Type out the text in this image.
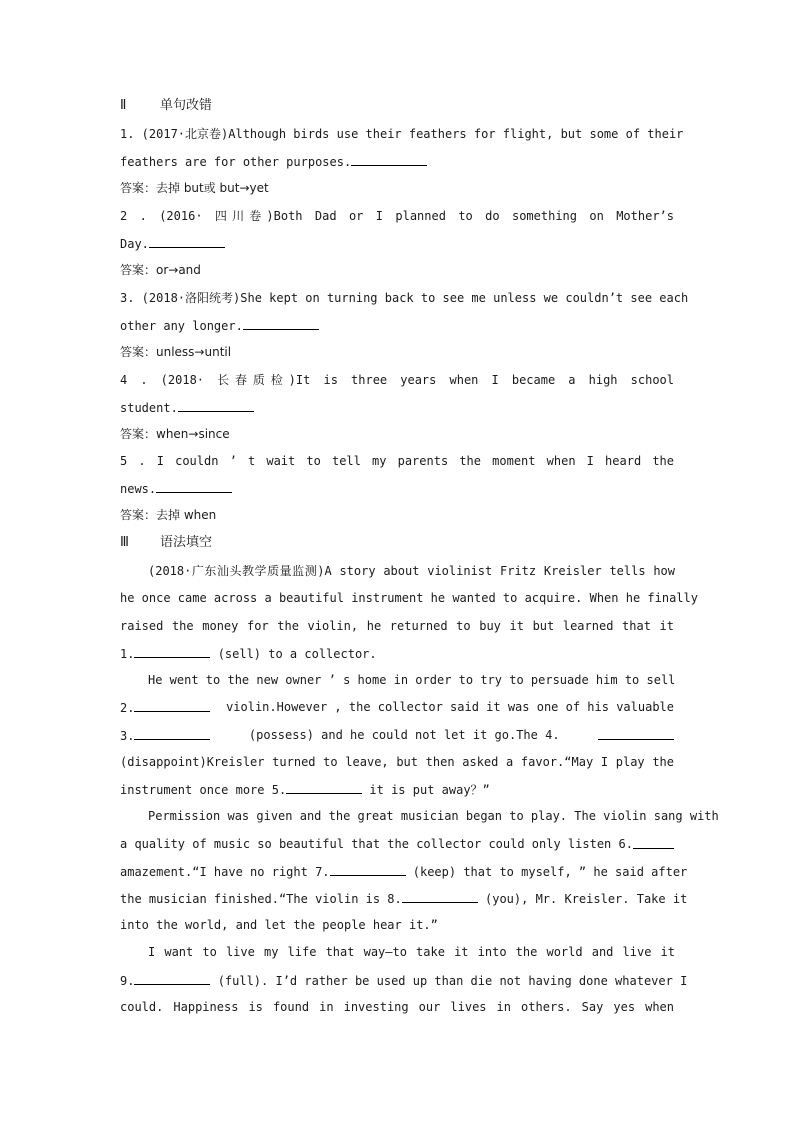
Ⅱ	单句改错
1. (2017·北京卷)Although birds use their feathers for flight, but some of their
feathers are for other purposes.
答案：去掉 but或 but→yet
2 . (2016· 四川卷)Both Dad or I planned to do something on Mother’s
Day.
答案：or→and
3. (2018·洛阳统考)She kept on turning back to see me unless we couldn’t see each
other any longer.
答案：unless→until
4 . (2018· 长春质检)It is three years when I became a high school
student.
答案：when→since
5 . I couldn ’ t wait to tell my parents the moment when I heard the
news.
答案：去掉 when
Ⅲ 语法填空
(2018·广东汕头教学质量监测)A story about violinist Fritz Kreisler tells how
he once came across a beautiful instrument he wanted to acquire. When he finally
raised the money for the violin, he returned to buy it but learned that it
1.	(sell) to a collector.
He went to the new owner ’ s home in order to try to persuade him to sell
2.	violin.However , the collector said it was one of his valuable
3.	(possess) and he could not let it go.The 4.
(disappoint)Kreisler turned to leave, but then asked a favor.“May I play the
instrument once more 5.	it is put away？”
Permission was given and the great musician began to play. The violin sang with
a quality of music so beautiful that the collector could only listen 6.
amazement.“I have no right 7.	(keep) that to myself, ” he said after
the musician finished.“The violin is 8.	(you), Mr. Kreisler. Take it
into the world, and let the people hear it.”
I want to live my life that way—to take it into the world and live it
9.	(full). I’d rather be used up than die not having done whatever I
could. Happiness is found in investing our lives in others. Say yes when
